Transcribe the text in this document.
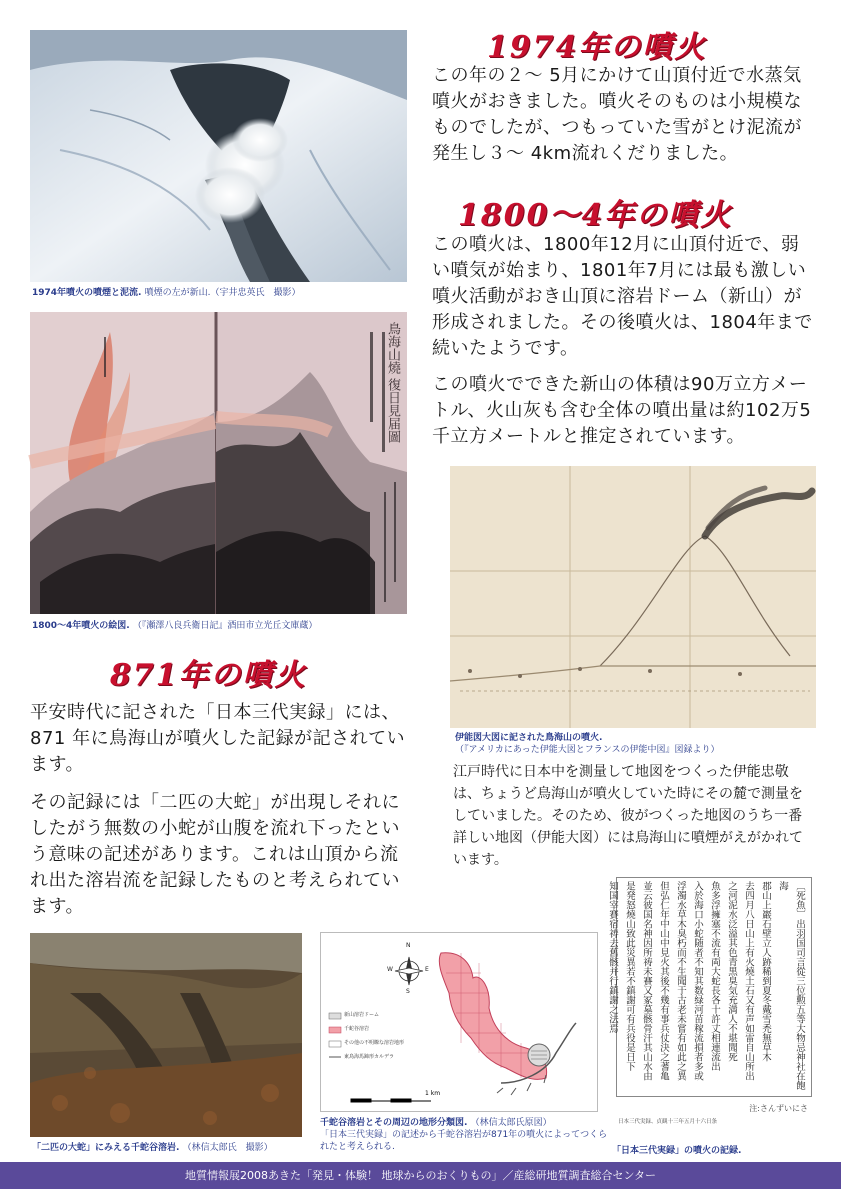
1974年噴火の噴煙と泥流. 噴煙の左が新山.（宇井忠英氏　撮影）
1974年の噴火
この年の２～ 5月にかけて山頂付近で水蒸気噴火がおきました。噴火そのものは小規模なものでしたが、つもっていた雪がとけ泥流が発生し３～ 4km流れくだりました。
1800～4年の噴火
この噴火は、1800年12月に山頂付近で、弱い噴気が始まり、1801年7月には最も激しい噴火活動がおき山頂に溶岩ドーム（新山）が形成されました。その後噴火は、1804年まで続いたようです。
この噴火でできた新山の体積は90万立方メートル、火山灰も含む全体の噴出量は約102万5千立方メートルと推定されています。
鳥海山燒 復日見届圖
1800～4年噴火の絵図. （『瀬澤八良兵衛日記』酒田市立光丘文庫蔵）
伊能図大図に記された鳥海山の噴火.
（『アメリカにあった伊能大図とフランスの伊能中図』図録より）
江戸時代に日本中を測量して地図をつくった伊能忠敬は、ちょうど鳥海山が噴火していた時にその麓で測量をしていました。そのため、彼がつくった地図のうち一番詳しい地図（伊能大図）には鳥海山に噴煙がえがかれています。
871年の噴火
平安時代に記された「日本三代実録」には、871 年に鳥海山が噴火した記録が記されています。
その記録には「二匹の大蛇」が出現しそれにしたがう無数の小蛇が山腹を流れ下ったという意味の記述があります。これは山頂から流れ出た溶岩流を記録したものと考えられています。
「二匹の大蛇」にみえる千蛇谷溶岩. （林信太郎氏　撮影）
N
S
E
W
新山溶岩ドーム
千蛇谷溶岩
その他の不明瞭な溶岩地形
東鳥海馬蹄形カルデラ
1 km
千蛇谷溶岩とその周辺の地形分類図. （林信太郎氏原図）
「日本三代実録」の記述から千蛇谷溶岩が871年の噴火によってつくられたと考えられる.
〔死魚〕出羽国司言從三位勲五等大物忌神社在飽海
郡山上巖石壁立人跡稀到夏冬戴雪禿無草木
去四月八日山上有火燒土石又有声如雷自山所出
之河泥水泛溢其色青黒臭気充満人不堪聞死
魚多浮擁塞不流有両大蛇長各十許丈相連流出
入於海口小蛇随者不知其数緑河苗稼流損者多或
浮濁水草木臭朽而不生聞于古老未嘗有如此之異
但弘仁年中山中見火其後不幾有事兵仗決之蓍亀
並云彼国名神因所祷未賽又冢墓骸骨汗其山水由
是発怒燒山致此災異若不鎮謝可有兵役是日下
知国宰賽宿祷去舊骸并行鎮謝之法焉
注:さんずいにさ
日本三代実録、貞観十三年五月十六日条
「日本三代実録」の噴火の記録.
地質情報展2008あきた「発見・体験！ 地球からのおくりもの」／産総研地質調査総合センター
